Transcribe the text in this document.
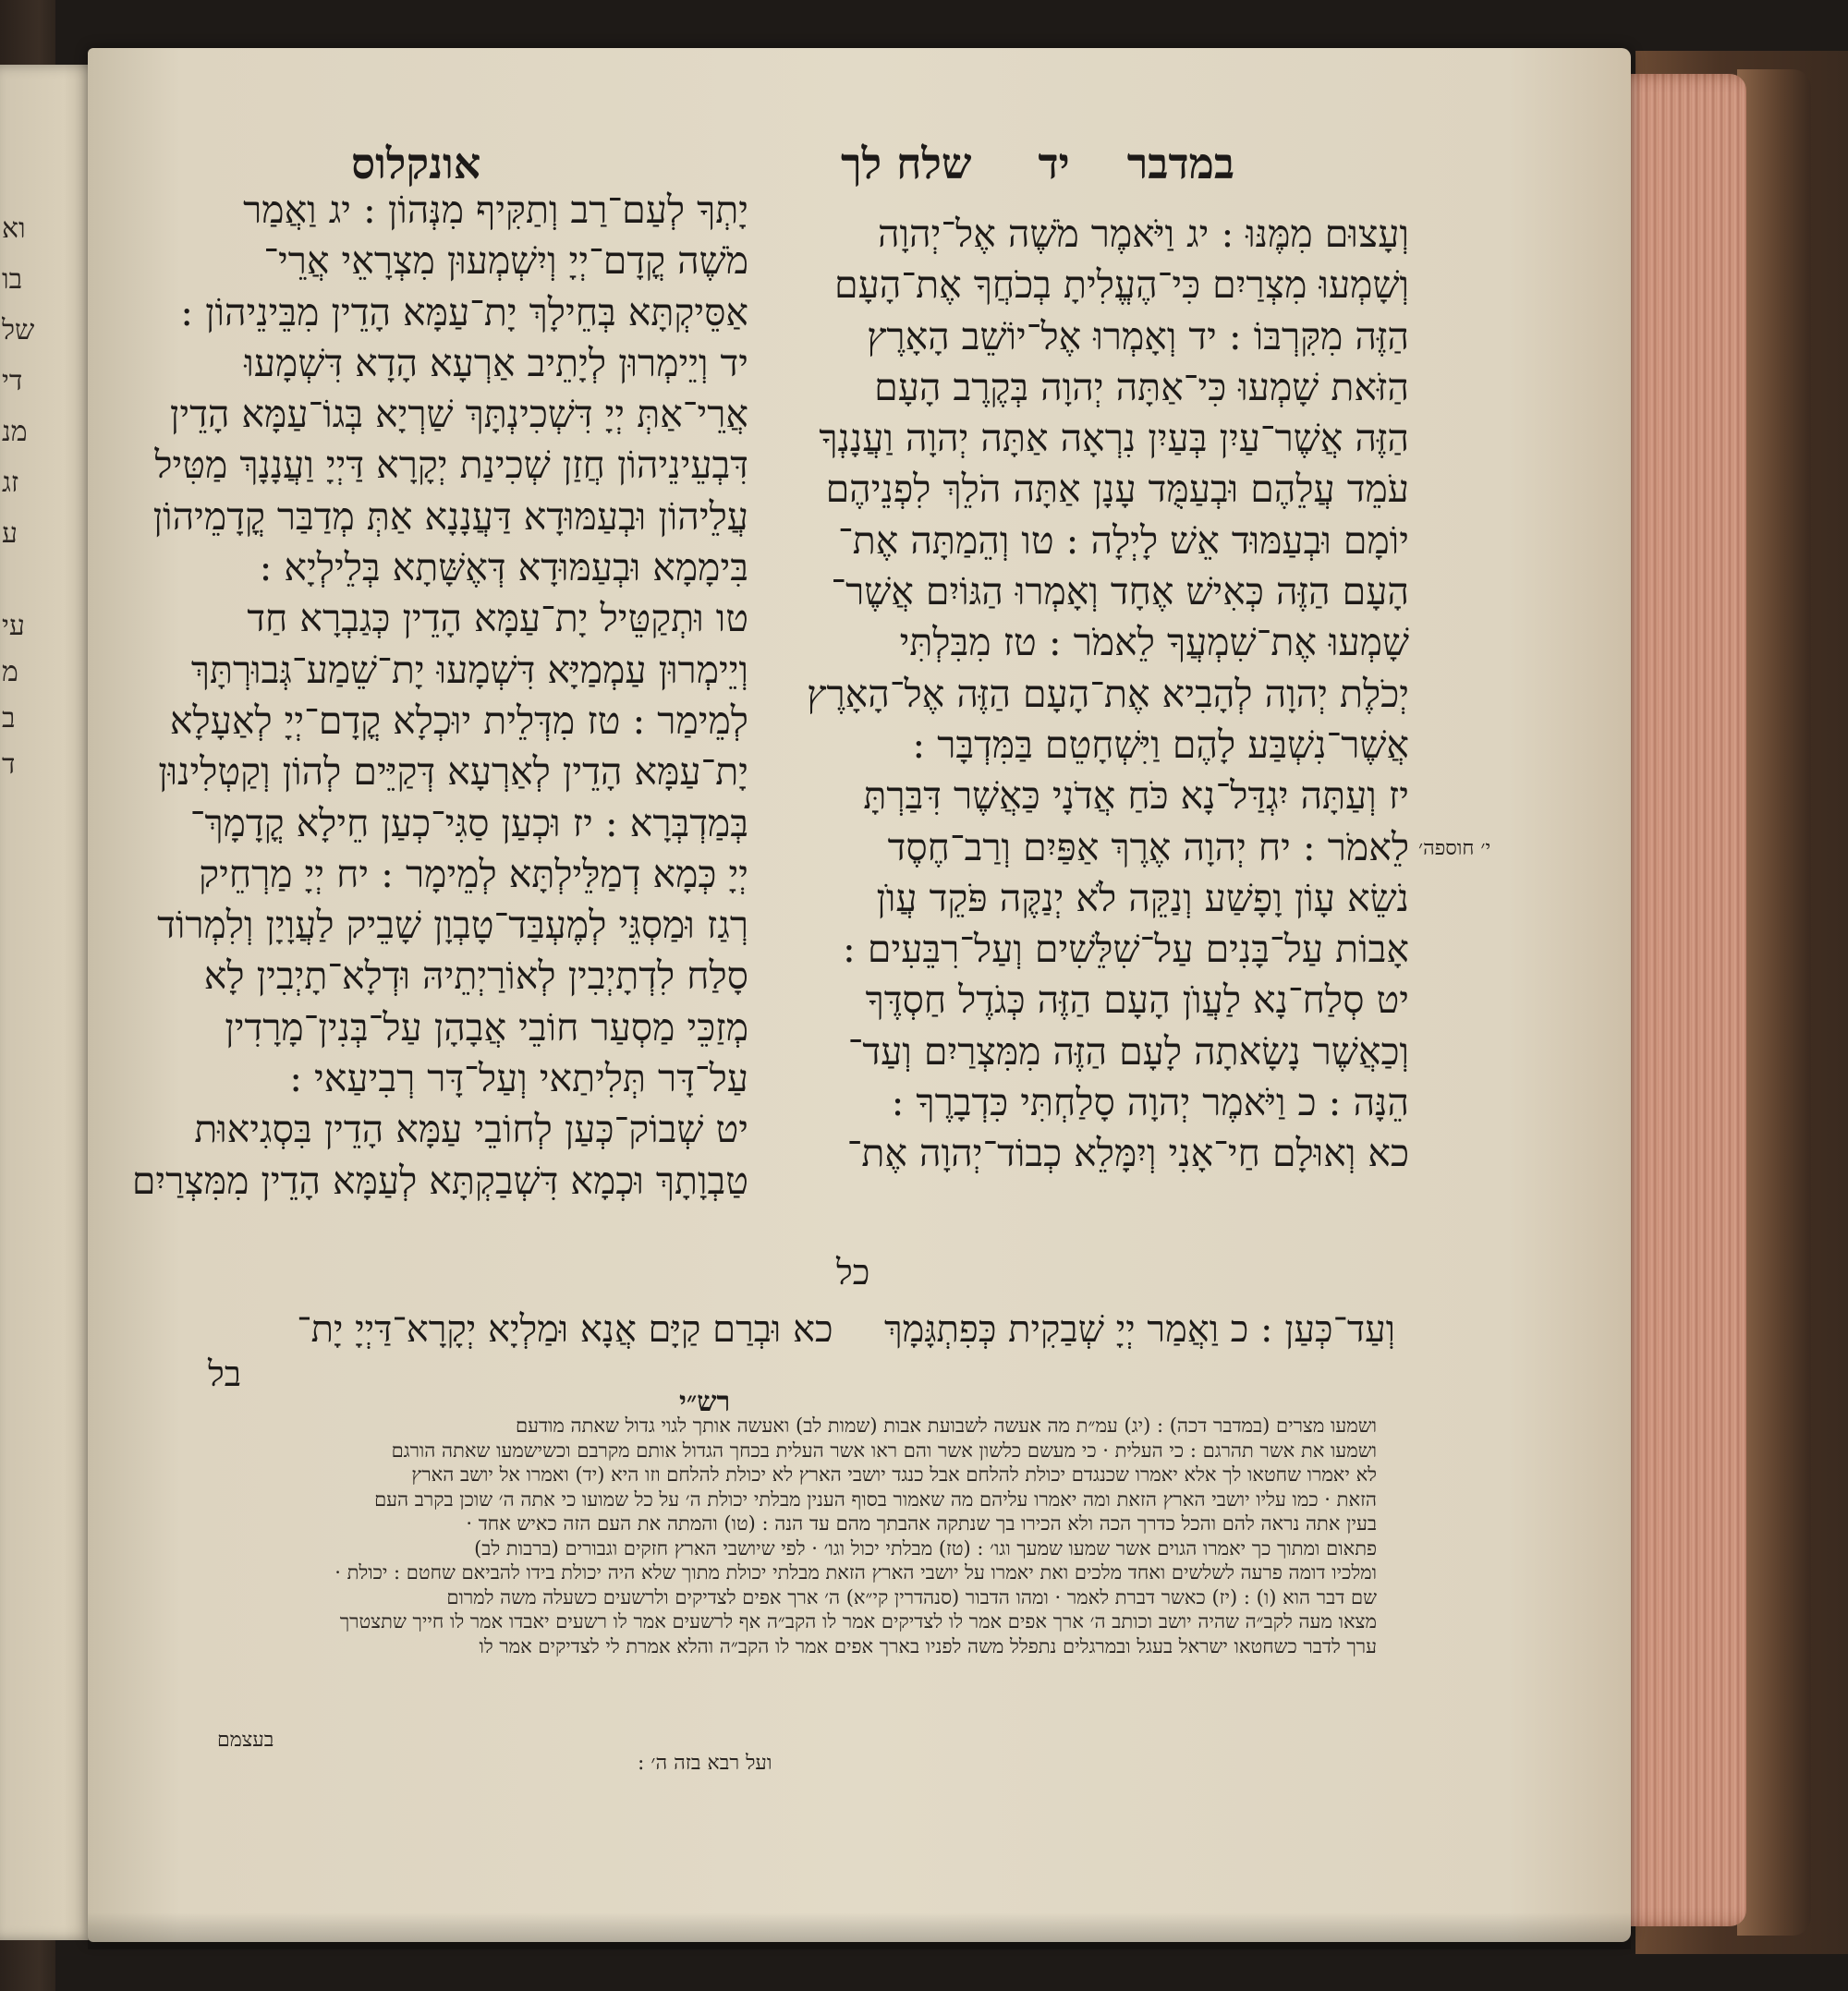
וא
בו
של
די
מנ
זג
ע
עי
מ
ב
ד
אונקלוס	במדבר  יד  שלח לך
וְעָצוּם מִמֶּנּוּ : יג וַיֹּאמֶר מֹשֶׁה אֶל־יְהוָה
וְשָׁמְעוּ מִצְרַיִם כִּי־הֶעֱלִיתָ בְכֹחֲךָ אֶת־הָעָם
הַזֶּה מִקִּרְבּוֹ : יד וְאָמְרוּ אֶל־יוֹשֵׁב הָאָרֶץ
הַזֹּאת שָׁמְעוּ כִּי־אַתָּה יְהוָה בְּקֶרֶב הָעָם
הַזֶּה אֲשֶׁר־עַיִן בְּעַיִן נִרְאָה אַתָּה יְהוָה וַעֲנָנְךָ
עֹמֵד עֲלֵהֶם וּבְעַמֻּד עָנָן אַתָּה הֹלֵךְ לִפְנֵיהֶם
יוֹמָם וּבְעַמּוּד אֵשׁ לָיְלָה : טו וְהֵמַתָּה אֶת־
הָעָם הַזֶּה כְּאִישׁ אֶחָד וְאָמְרוּ הַגּוֹיִם אֲשֶׁר־
שָׁמְעוּ אֶת־שִׁמְעֲךָ לֵאמֹר : טז מִבִּלְתִּי
יְכֹלֶת יְהוָה לְהָבִיא אֶת־הָעָם הַזֶּה אֶל־הָאָרֶץ
אֲשֶׁר־נִשְׁבַּע לָהֶם וַיִּשְׁחָטֵם בַּמִּדְבָּר :
יז וְעַתָּה יִגְדַּל־נָא כֹּחַ אֲדֹנָי כַּאֲשֶׁר דִּבַּרְתָּ
לֵאמֹר : יח יְהוָה אֶרֶךְ אַפַּיִם וְרַב־חֶסֶד
נֹשֵׂא עָוֹן וָפָשַׁע וְנַקֵּה לֹא יְנַקֶּה פֹּקֵד עֲוֺן
אָבוֹת עַל־בָּנִים עַל־שִׁלֵּשִׁים וְעַל־רִבֵּעִים :
יט סְלַח־נָא לַעֲוֺן הָעָם הַזֶּה כְּגֹדֶל חַסְדֶּךָ
וְכַאֲשֶׁר נָשָׂאתָה לָעָם הַזֶּה מִמִּצְרַיִם וְעַד־
הֵנָּה : כ וַיֹּאמֶר יְהוָה סָלַחְתִּי כִּדְבָרֶךָ :
כא וְאוּלָם חַי־אָנִי וְיִמָּלֵא כְבוֹד־יְהוָה אֶת־
י׳ חוספה׳
כל
יָתְךָ לְעַם־רַב וְתַקִּיף מִנְּהוֹן : יג וַאֲמַר
מֹשֶׁה קֳדָם־יְיָ וְיִשְׁמְעוּן מִצְרָאֵי אֲרֵי־
אַסֵּיקְתָּא בְּחֵילָךְ יָת־עַמָּא הָדֵין מִבֵּינֵיהוֹן :
יד וְיֵימְרוּן לְיָתֵיב אַרְעָא הָדָא דִּשְׁמָעוּ
אֲרֵי־אַתְּ יְיָ דִּשְׁכִינְתָּךְ שַׁרְיָא בְּגוֹ־עַמָּא הָדֵין
דִּבְעֵינֵיהוֹן חֲזַן שְׁכִינַת יְקָרָא דַּיְיָ וַעֲנָנָךְ מַטִּיל
עֲלֵיהוֹן וּבְעַמּוּדָא דַּעֲנָנָא אַתְּ מְדַבַּר קֳדָמֵיהוֹן
בִּימָמָא וּבְעַמּוּדָא דְּאֶשָּׁתָא בְּלֵילְיָא :
טו וּתְקַטֵּיל יָת־עַמָּא הָדֵין כְּגַבְרָא חַד
וְיֵימְרוּן עַמְמַיָּא דִּשְׁמָעוּ יָת־שֵׁמַע־גְּבוּרְתָּךְ
לְמֵימַר : טז מִדְּלֵית יוּכְלָא קֳדָם־יְיָ לְאַעָלָא
יָת־עַמָּא הָדֵין לְאַרְעָא דְּקַיֵּים לְהוֹן וְקַטְלִינוּן
בְּמַדְבְּרָא : יז וּכְעַן סַגִּי־כְעַן חֵילָא קֳדָמָךְ־
יְיָ כְּמָא דְמַלֵּילְתָּא לְמֵימָר : יח יְיָ מַרְחֵיק
רְגַז וּמַסְגֵּי לְמֶעְבַּד־טָבְוָן שָׁבֵיק לַעֲוָיָן וְלִמְרוֹד
סָלַח לִדְתָיְבִין לְאוֹרַיְתֵיהּ וּדְלָא־תָיְבִין לָא
מְזַכֵּי מַסְעַר חוֹבֵי אֲבָהָן עַל־בְּנִין־מָרָדִין
עַל־דָּר תְּלִיתַאי וְעַל־דָּר רְבִיעַאי :
יט שְׁבוֹק־כְּעַן לְחוֹבֵי עַמָּא הָדֵין בִּסְגִיאוּת
טַבְוָתָךְ וּכְמָא דִּשְׁבַקְתָּא לְעַמָּא הָדֵין מִמִּצְרַיִם
וְעַד־כְּעַן : כ וַאֲמַר יְיָ שְׁבַקִית כְּפִתְגָּמָךְ  כא וּבְרַם קַיָּם אֲנָא וּמַלְיָא יְקָרָא־דַּיְיָ יָת־
בל
רש״י
ושמעו מצרים (במדבר דכה) : (יג) עמ״ת מה אעשה לשבועת אבות (שמות לב) ואעשה אותך לגוי גדול שאתה מודעם
ושמעו את אשר תהרגם : כי העלית · כי מעשם כלשון אשר והם ראו אשר העלית בכחך הגדול אותם מקרבם וכשישמעו שאתה הורגם
לא יאמרו שחטאו לך אלא יאמרו שכנגדם יכולת להלחם אבל כנגד יושבי הארץ לא יכולת להלחם וזו היא (יד) ואמרו אל יושב הארץ
הזאת · כמו עליו יושבי הארץ הזאת ומה יאמרו עליהם מה שאמור בסוף הענין מבלתי יכולת ה׳ על כל שמועו כי אתה ה׳ שוכן בקרב העם
בעין אתה נראה להם והכל כדרך הכה ולא הכירו בך שנתקה אהבתך מהם עד הנה : (טו) והמתה את העם הזה כאיש אחד ·
פתאום ומתוך כך יאמרו הגוים אשר שמעו שמעך וגו׳ : (טז) מבלתי יכול וגו׳ · לפי שיושבי הארץ חזקים וגבורים (ברבות לב)
ומלכיו דומה פרעה לשלשים ואחד מלכים ואת יאמרו על יושבי הארץ הזאת מבלתי יכולת מתוך שלא היה יכולת בידו להביאם שחטם : יכולת ·
שם דבר הוא (ו) : (יז) כאשר דברת לאמר · ומהו הדבור (סנהדרין קי״א) ה׳ ארך אפים לצדיקים ולרשעים כשעלה משה למרום
מצאו מעה לקב״ה שהיה יושב וכותב ה׳ ארך אפים אמר לו לצדיקים אמר לו הקב״ה אף לרשעים אמר לו רשעים יאבדו אמר לו חייך שתצטרך
ערך לדבר כשחטאו ישראל בעגל ובמרגלים נתפלל משה לפניו בארך אפים אמר לו הקב״ה והלא אמרת לי לצדיקים אמר לו
ועל רבא בזה ה׳ :
בעצמם
